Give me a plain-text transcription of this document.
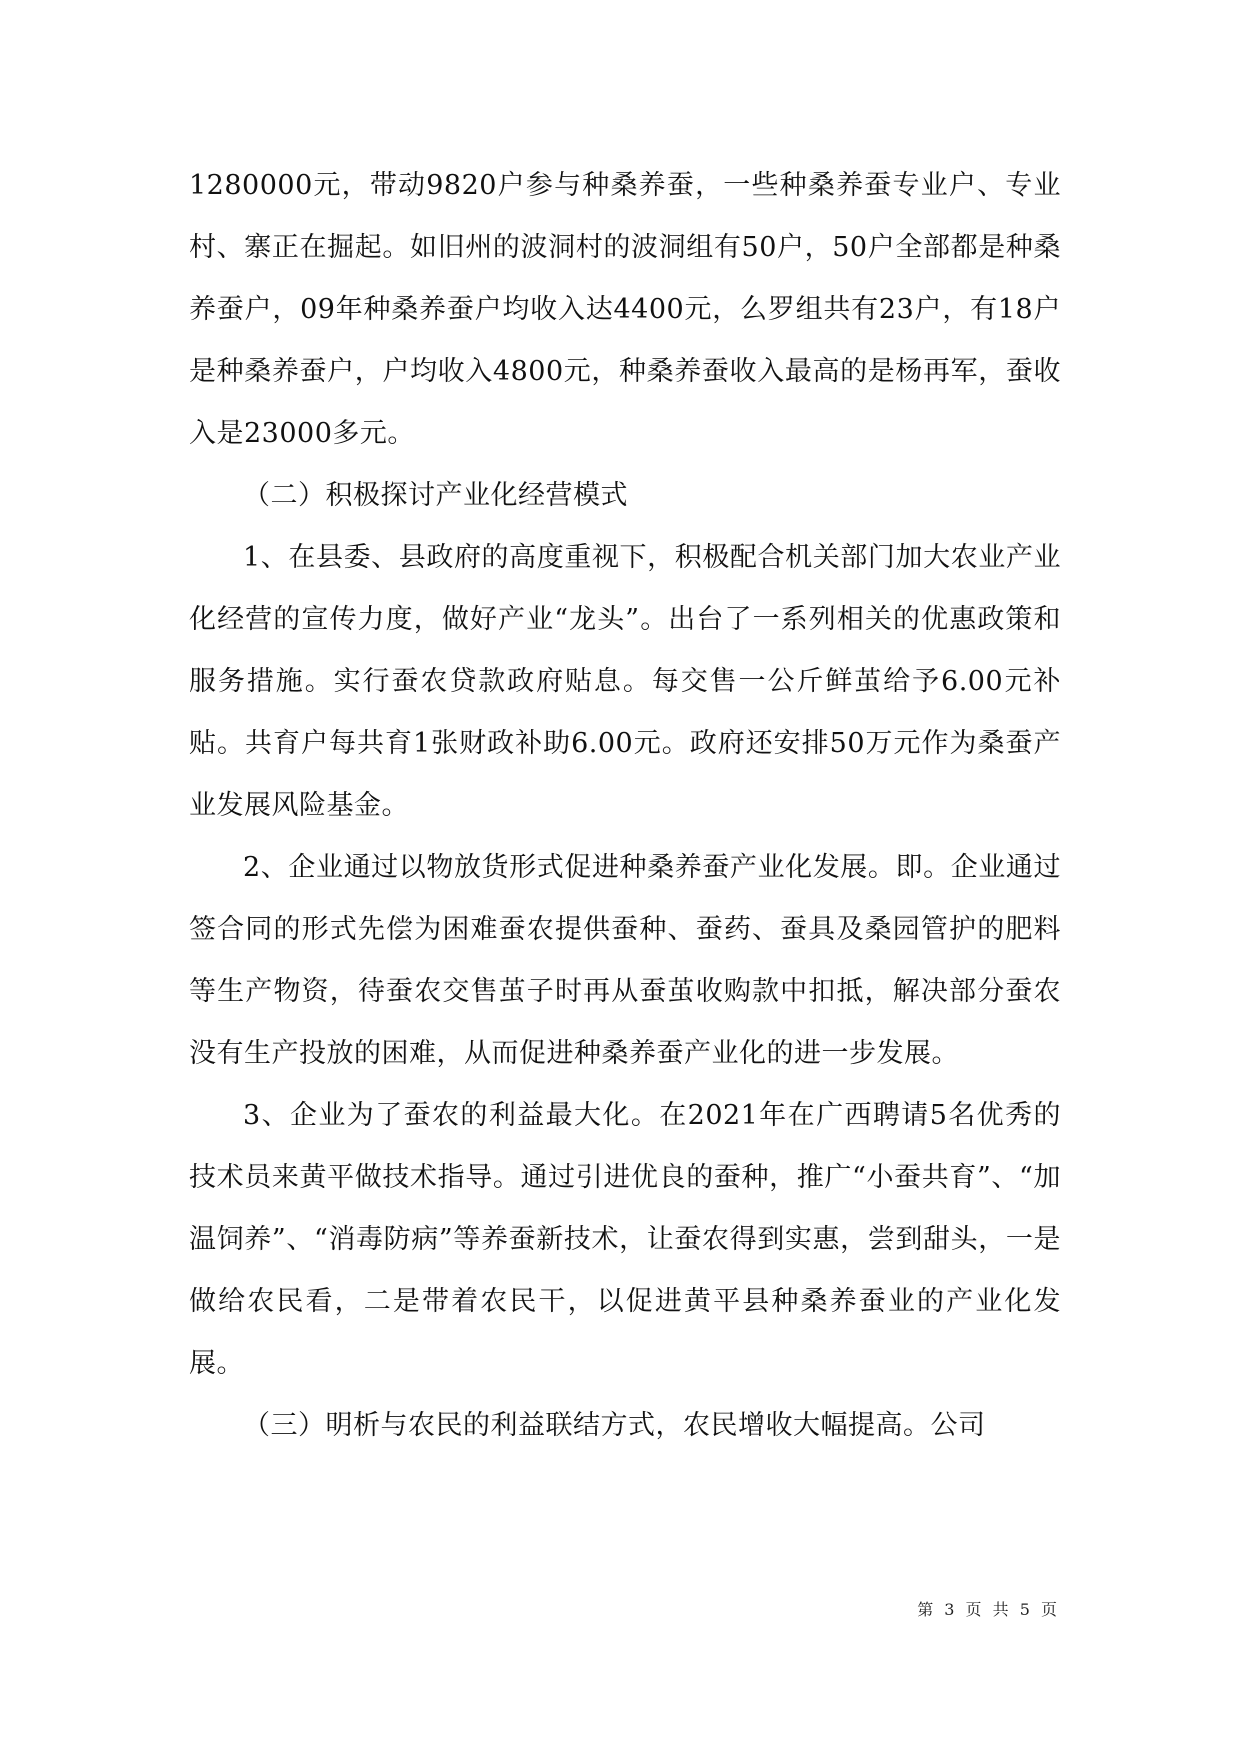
1280000元，带动9820户参与种桑养蚕，一些种桑养蚕专业户、专业村、寨正在掘起。如旧州的波洞村的波洞组有50户，50户全部都是种桑养蚕户，09年种桑养蚕户均收入达4400元，么罗组共有23户，有18户是种桑养蚕户，户均收入4800元，种桑养蚕收入最高的是杨再军，蚕收入是23000多元。

（二）积极探讨产业化经营模式

1、在县委、县政府的高度重视下，积极配合机关部门加大农业产业化经营的宣传力度，做好产业“龙头”。出台了一系列相关的优惠政策和服务措施。实行蚕农贷款政府贴息。每交售一公斤鲜茧给予6.00元补贴。共育户每共育1张财政补助6.00元。政府还安排50万元作为桑蚕产业发展风险基金。

2、企业通过以物放货形式促进种桑养蚕产业化发展。即。企业通过签合同的形式先偿为困难蚕农提供蚕种、蚕药、蚕具及桑园管护的肥料等生产物资，待蚕农交售茧子时再从蚕茧收购款中扣抵，解决部分蚕农没有生产投放的困难，从而促进种桑养蚕产业化的进一步发展。

3、企业为了蚕农的利益最大化。在2021年在广西聘请5名优秀的技术员来黄平做技术指导。通过引进优良的蚕种，推广“小蚕共育”、“加温饲养”、“消毒防病”等养蚕新技术，让蚕农得到实惠，尝到甜头，一是做给农民看，二是带着农民干，以促进黄平县种桑养蚕业的产业化发展。

（三）明析与农民的利益联结方式，农民增收大幅提高。公司

第 3 页 共 5 页
